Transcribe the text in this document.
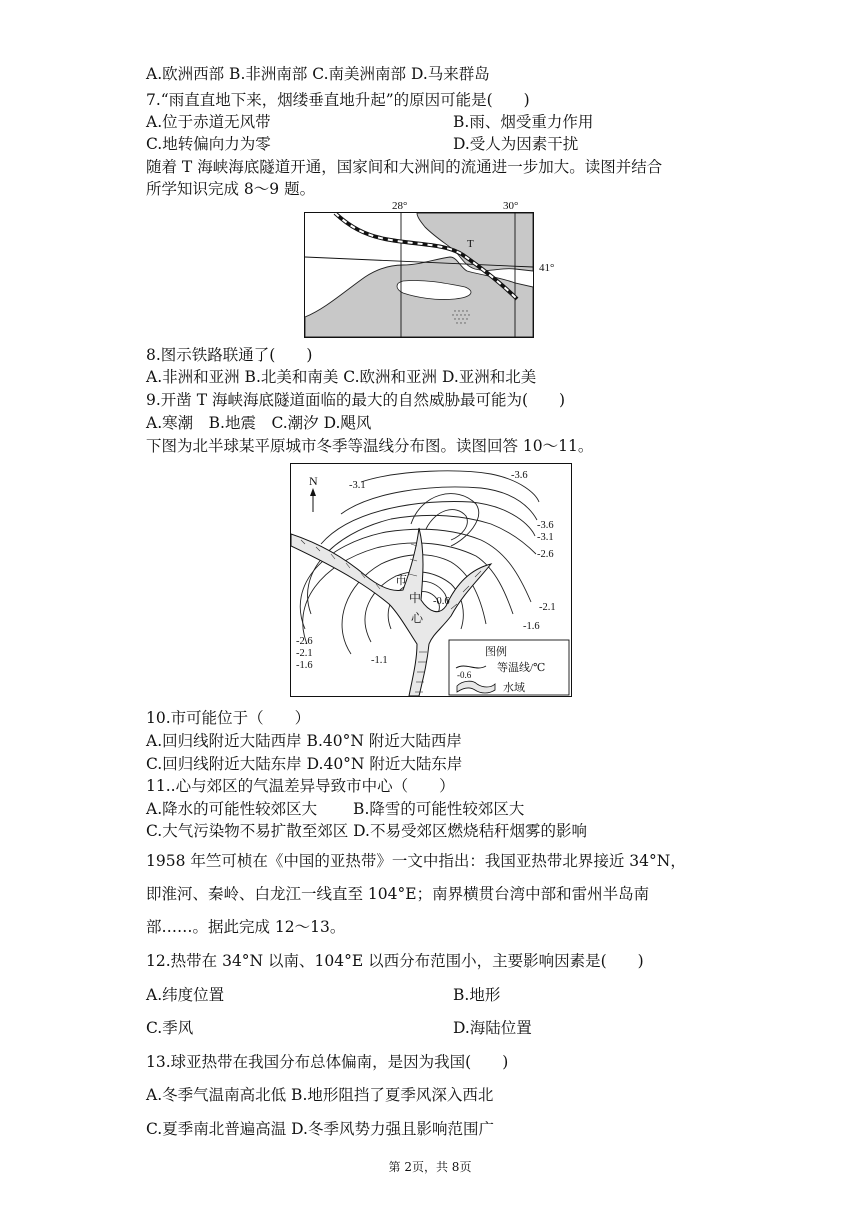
A.欧洲西部 B.非洲南部 C.南美洲南部 D.马来群岛
7.“雨直直地下来，烟缕垂直地升起”的原因可能是(　　)
A.位于赤道无风带	B.雨、烟受重力作用
C.地转偏向力为零	D.受人为因素干扰
随着 T 海峡海底隧道开通，国家间和大洲间的流通进一步加大。读图并结合
所学知识完成 8～9 题。
28°	30°
T
41°
8.图示铁路联通了(　　)
A.非洲和亚洲 B.北美和南美 C.欧洲和亚洲 D.亚洲和北美
9.开凿 T 海峡海底隧道面临的最大的自然威胁最可能为(　　)
A.寒潮　B.地震　C.潮汐 D.飓风
下图为北半球某平原城市冬季等温线分布图。读图回答 10～11。
N	-3.1
-3.6
-3.6
-3.1
-2.6
-2.1
-1.6
-0.6
-2.6
-2.1
-1.6	-1.1
市
中
心
图例
-0.6
等温线/℃
水域
10.市可能位于（　　）
A.回归线附近大陆西岸 B.40°N 附近大陆西岸
C.回归线附近大陆东岸 D.40°N 附近大陆东岸
11..心与郊区的气温差异导致市中心（　　）
A.降水的可能性较郊区大　　 B.降雪的可能性较郊区大
C.大气污染物不易扩散至郊区 D.不易受郊区燃烧秸秆烟雾的影响
1958 年竺可桢在《中国的亚热带》一文中指出：我国亚热带北界接近 34°N，
即淮河、秦岭、白龙江一线直至 104°E；南界横贯台湾中部和雷州半岛南
部……。据此完成 12～13。
12.热带在 34°N 以南、104°E 以西分布范围小，主要影响因素是(　　)
A.纬度位置	B.地形
C.季风	D.海陆位置
13.球亚热带在我国分布总体偏南，是因为我国(　　)
A.冬季气温南高北低 B.地形阻挡了夏季风深入西北
C.夏季南北普遍高温 D.冬季风势力强且影响范围广
第 2页，共 8页
